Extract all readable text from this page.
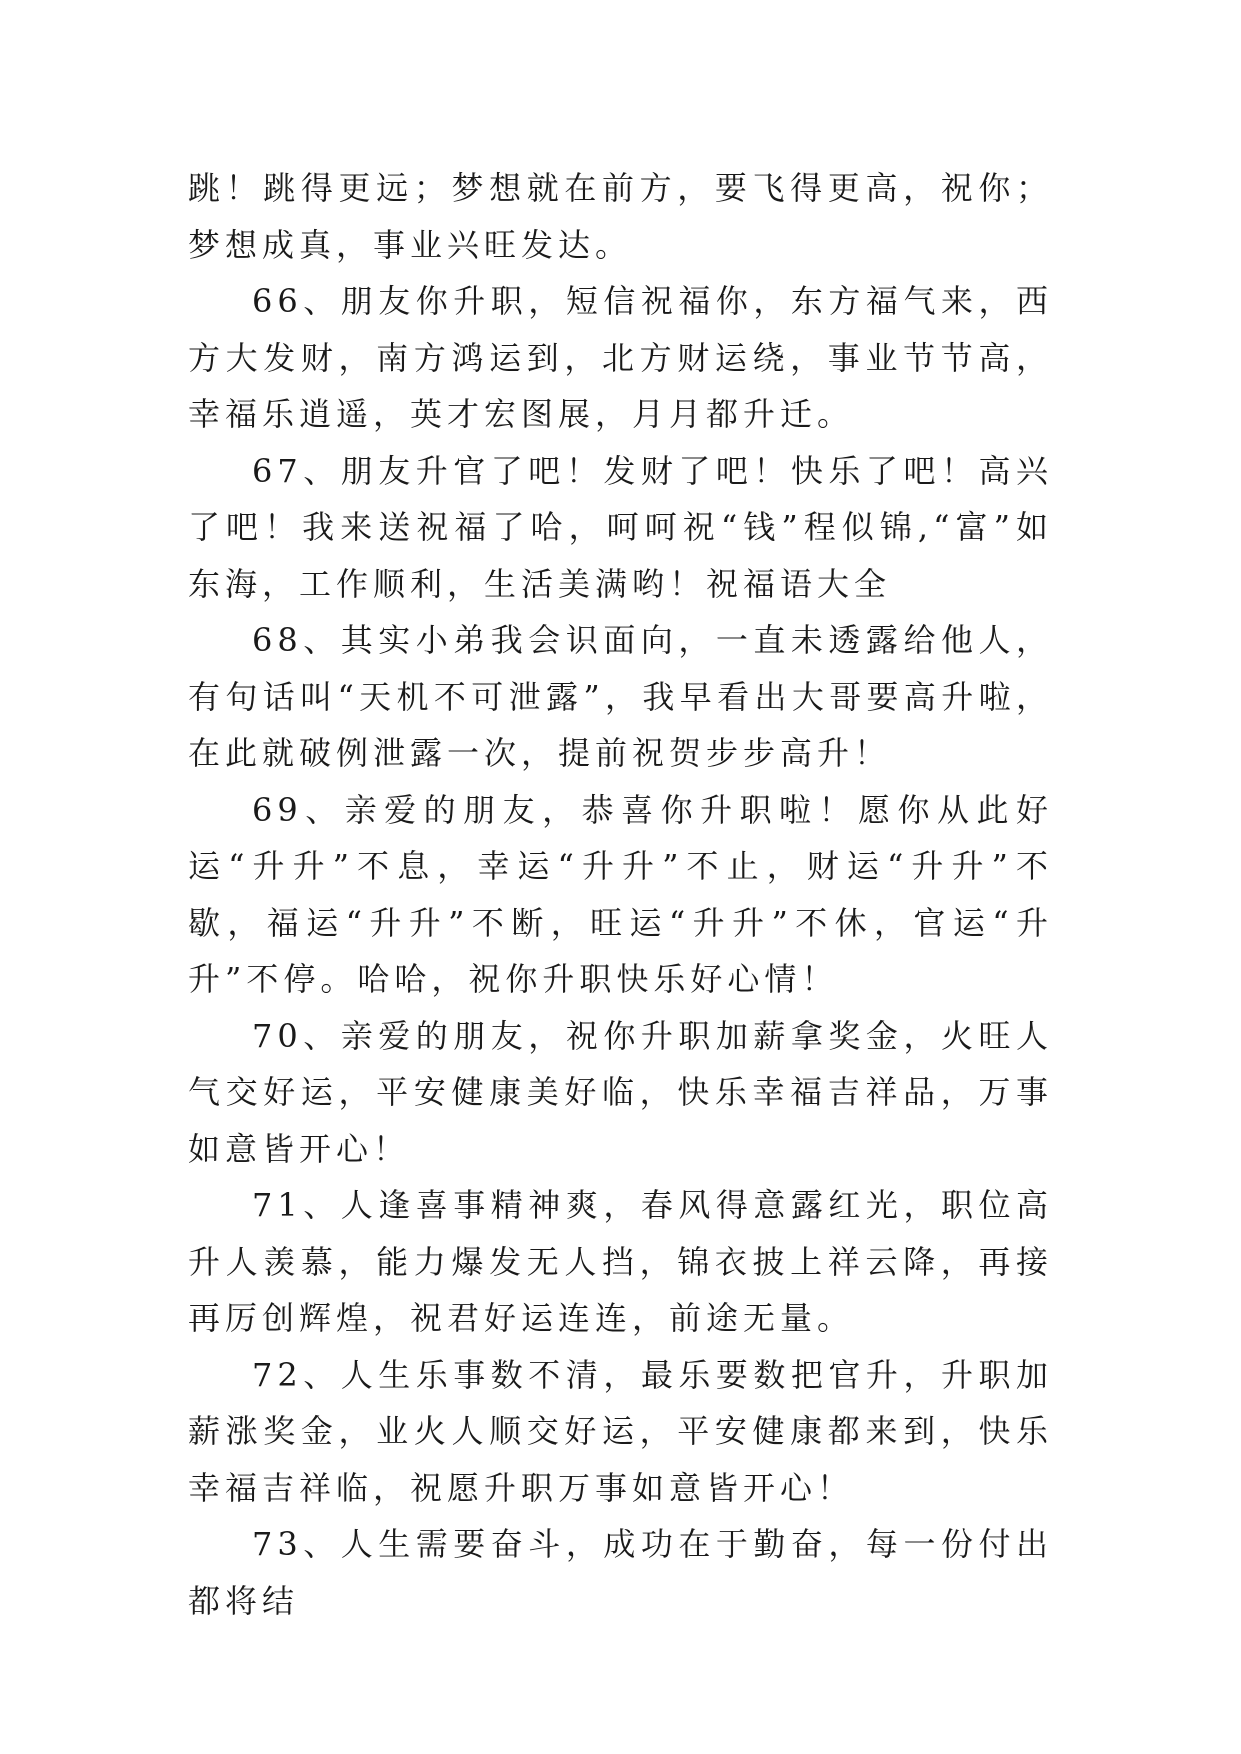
跳！跳得更远；梦想就在前方，要飞得更高，祝你；梦想成真，事业兴旺发达。

66、朋友你升职，短信祝福你，东方福气来，西方大发财，南方鸿运到，北方财运绕，事业节节高，幸福乐逍遥，英才宏图展，月月都升迁。

67、朋友升官了吧！发财了吧！快乐了吧！高兴了吧！我来送祝福了哈，呵呵祝“钱”程似锦,“富”如东海，工作顺利，生活美满哟！祝福语大全

68、其实小弟我会识面向，一直未透露给他人，有句话叫“天机不可泄露”，我早看出大哥要高升啦，在此就破例泄露一次，提前祝贺步步高升！

69、亲爱的朋友，恭喜你升职啦！愿你从此好运“升升”不息，幸运“升升”不止，财运“升升”不歇，福运“升升”不断，旺运“升升”不休，官运“升升”不停。哈哈，祝你升职快乐好心情！

70、亲爱的朋友，祝你升职加薪拿奖金，火旺人气交好运，平安健康美好临，快乐幸福吉祥品，万事如意皆开心！

71、人逢喜事精神爽，春风得意露红光，职位高升人羡慕，能力爆发无人挡，锦衣披上祥云降，再接再厉创辉煌，祝君好运连连，前途无量。

72、人生乐事数不清，最乐要数把官升，升职加薪涨奖金，业火人顺交好运，平安健康都来到，快乐幸福吉祥临，祝愿升职万事如意皆开心！

73、人生需要奋斗，成功在于勤奋，每一份付出都将结
